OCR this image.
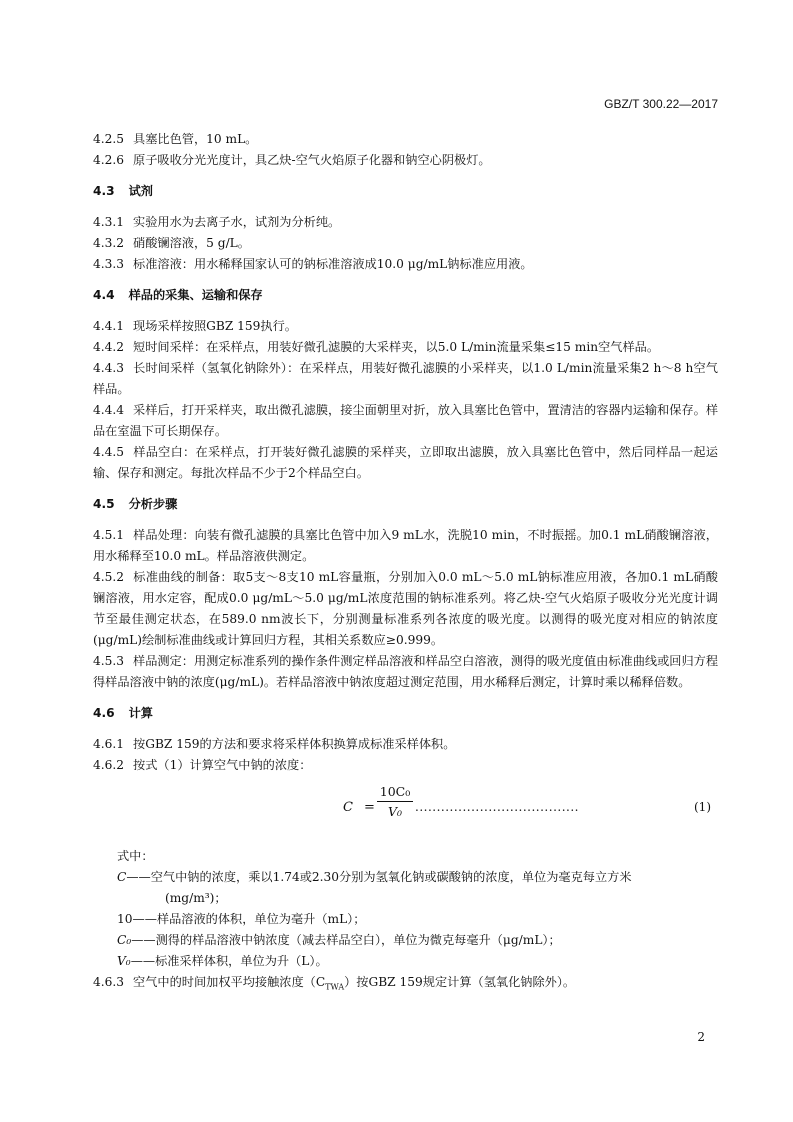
GBZ/T 300.22—2017

4.2.5 具塞比色管，10 mL。

4.2.6 原子吸收分光光度计，具乙炔-空气火焰原子化器和钠空心阴极灯。

4.3 试剂

4.3.1 实验用水为去离子水，试剂为分析纯。

4.3.2 硝酸镧溶液，5 g/L。

4.3.3 标准溶液：用水稀释国家认可的钠标准溶液成10.0 μg/mL钠标准应用液。

4.4 样品的采集、运输和保存

4.4.1 现场采样按照GBZ 159执行。

4.4.2 短时间采样：在采样点，用装好微孔滤膜的大采样夹，以5.0 L/min流量采集≤15 min空气样品。

4.4.3 长时间采样（氢氧化钠除外）：在采样点，用装好微孔滤膜的小采样夹，以1.0 L/min流量采集2 h～8 h空气样品。

4.4.4 采样后，打开采样夹，取出微孔滤膜，接尘面朝里对折，放入具塞比色管中，置清洁的容器内运输和保存。样品在室温下可长期保存。

4.4.5 样品空白：在采样点，打开装好微孔滤膜的采样夹，立即取出滤膜，放入具塞比色管中，然后同样品一起运输、保存和测定。每批次样品不少于2个样品空白。

4.5 分析步骤

4.5.1 样品处理：向装有微孔滤膜的具塞比色管中加入9 mL水，洗脱10 min，不时振摇。加0.1 mL硝酸镧溶液，用水稀释至10.0 mL。样品溶液供测定。

4.5.2 标准曲线的制备：取5支～8支10 mL容量瓶，分别加入0.0 mL～5.0 mL钠标准应用液，各加0.1 mL硝酸镧溶液，用水定容，配成0.0 μg/mL～5.0 μg/mL浓度范围的钠标准系列。将乙炔-空气火焰原子吸收分光光度计调节至最佳测定状态，在589.0 nm波长下，分别测量标准系列各浓度的吸光度。以测得的吸光度对相应的钠浓度(μg/mL)绘制标准曲线或计算回归方程，其相关系数应≥0.999。

4.5.3 样品测定：用测定标准系列的操作条件测定样品溶液和样品空白溶液，测得的吸光度值由标准曲线或回归方程得样品溶液中钠的浓度(μg/mL)。若样品溶液中钠浓度超过测定范围，用水稀释后测定，计算时乘以稀释倍数。

4.6 计算

4.6.1 按GBZ 159的方法和要求将采样体积换算成标准采样体积。

4.6.2 按式（1）计算空气中钠的浓度：

$C = \frac{\text{10C₀}}{\text{V₀}}$ ......................................	(1)

式中：

C——空气中钠的浓度，乘以1.74或2.30分别为氢氧化钠或碳酸钠的浓度，单位为毫克每立方米

(mg/m³)；

10——样品溶液的体积，单位为毫升（mL）；

C₀——测得的样品溶液中钠浓度（减去样品空白），单位为微克每毫升（μg/mL）；

V₀——标准采样体积，单位为升（L）。

4.6.3 空气中的时间加权平均接触浓度$(C_{TWA})$按GBZ 159规定计算（氢氧化钠除外）。

2
